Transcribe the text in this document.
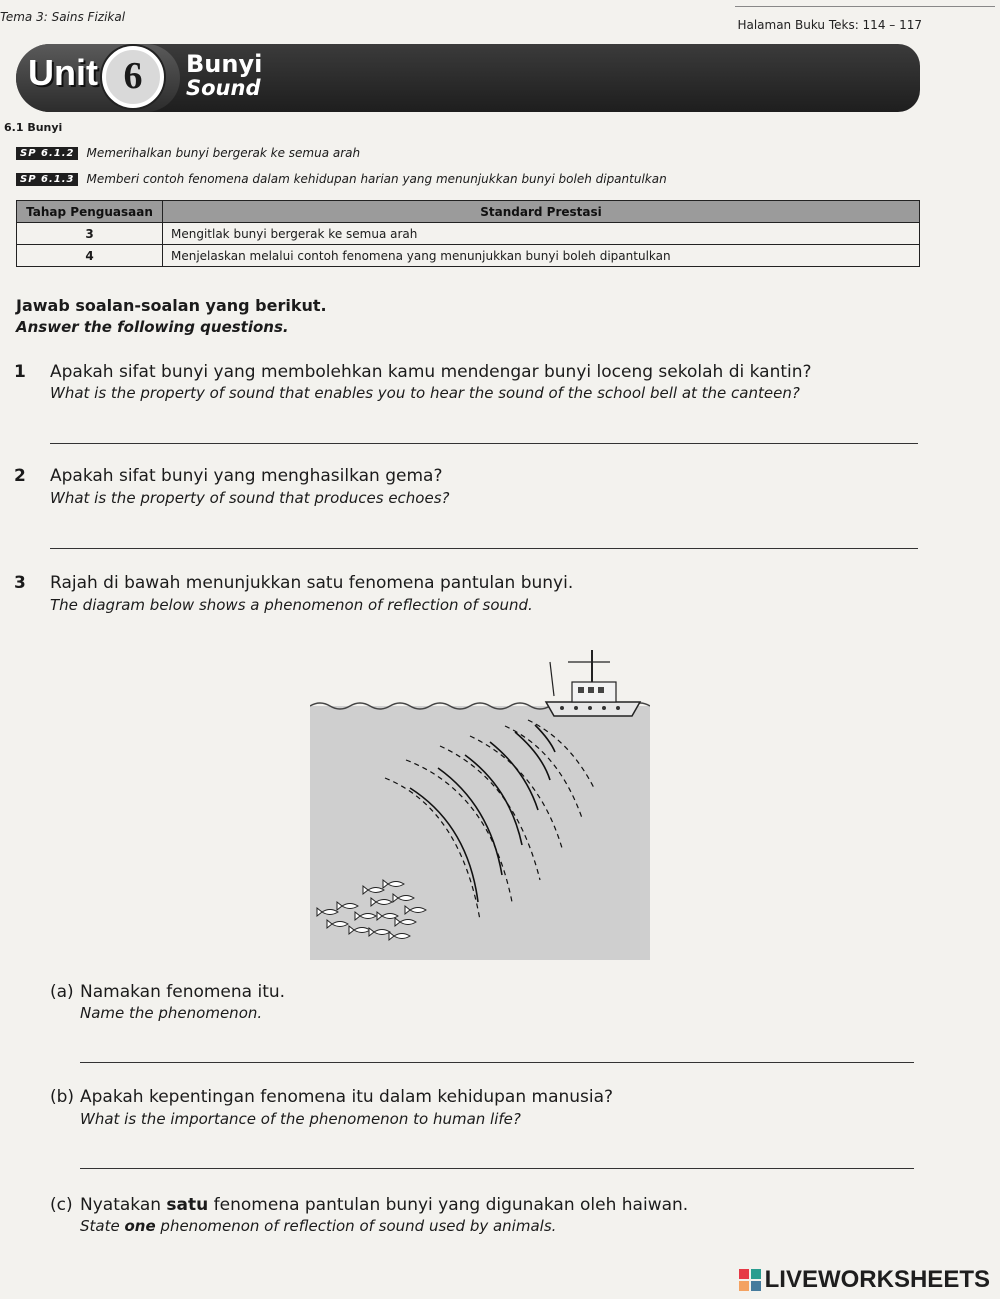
Tema 3: Sains Fizikal
Halaman Buku Teks: 114 – 117
Unit 6	Bunyi
Sound
6.1 Bunyi
SP 6.1.2	Memerihalkan bunyi bergerak ke semua arah
SP 6.1.3	Memberi contoh fenomena dalam kehidupan harian yang menunjukkan bunyi boleh dipantulkan
Tahap Penguasaan	Standard Prestasi
3	Mengitlak bunyi bergerak ke semua arah
4	Menjelaskan melalui contoh fenomena yang menunjukkan bunyi boleh dipantulkan
Jawab soalan-soalan yang berikut.
Answer the following questions.
1 Apakah sifat bunyi yang membolehkan kamu mendengar bunyi loceng sekolah di kantin?
What is the property of sound that enables you to hear the sound of the school bell at the canteen?
2 Apakah sifat bunyi yang menghasilkan gema?
What is the property of sound that produces echoes?
3 Rajah di bawah menunjukkan satu fenomena pantulan bunyi.
The diagram below shows a phenomenon of reflection of sound.
(a) Namakan fenomena itu.
Name the phenomenon.
(b) Apakah kepentingan fenomena itu dalam kehidupan manusia?
What is the importance of the phenomenon to human life?
(c) Nyatakan satu fenomena pantulan bunyi yang digunakan oleh haiwan.
State one phenomenon of reflection of sound used by animals.
LIVEWORKSHEETS
